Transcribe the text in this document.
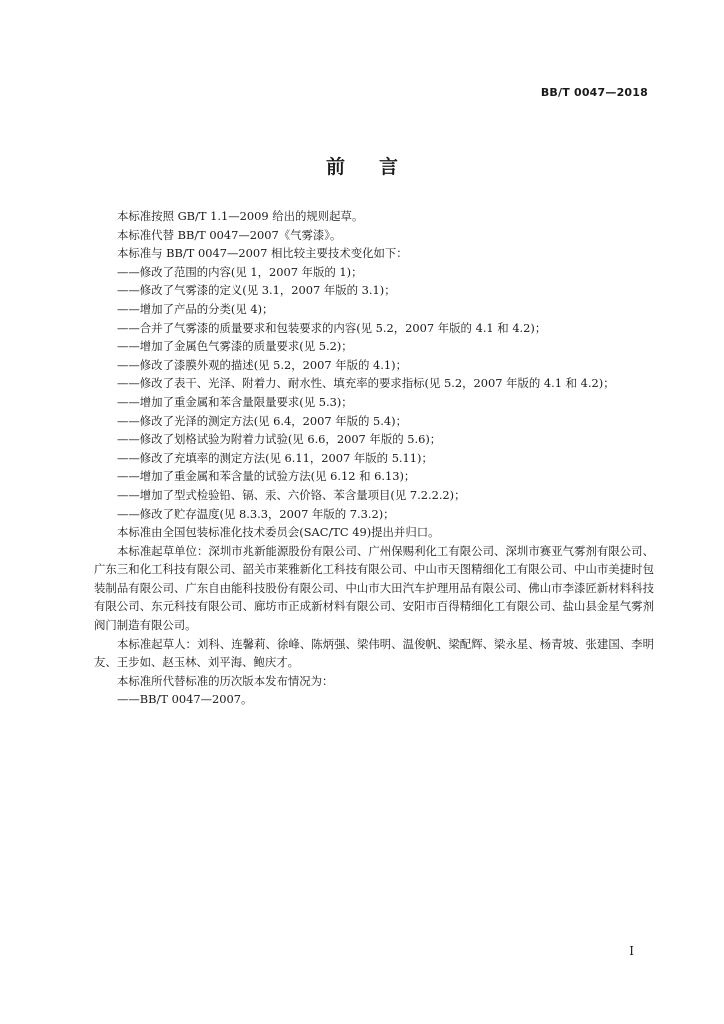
BB/T 0047—2018
前言

本标准按照 GB/T 1.1—2009 给出的规则起草。

本标准代替 BB/T 0047—2007《气雾漆》。

本标准与 BB/T 0047—2007 相比较主要技术变化如下：

——修改了范围的内容(见 1，2007 年版的 1)；

——修改了气雾漆的定义(见 3.1，2007 年版的 3.1)；

——增加了产品的分类(见 4)；

——合并了气雾漆的质量要求和包装要求的内容(见 5.2，2007 年版的 4.1 和 4.2)；

——增加了金属色气雾漆的质量要求(见 5.2)；

——修改了漆膜外观的描述(见 5.2，2007 年版的 4.1)；

——修改了表干、光泽、附着力、耐水性、填充率的要求指标(见 5.2，2007 年版的 4.1 和 4.2)；

——增加了重金属和苯含量限量要求(见 5.3)；

——修改了光泽的测定方法(见 6.4，2007 年版的 5.4)；

——修改了划格试验为附着力试验(见 6.6，2007 年版的 5.6)；

——修改了充填率的测定方法(见 6.11，2007 年版的 5.11)；

——增加了重金属和苯含量的试验方法(见 6.12 和 6.13)；

——增加了型式检验铅、镉、汞、六价铬、苯含量项目(见 7.2.2.2)；

——修改了贮存温度(见 8.3.3，2007 年版的 7.3.2)；

本标准由全国包装标准化技术委员会(SAC/TC 49)提出并归口。

本标准起草单位：深圳市兆新能源股份有限公司、广州保赐利化工有限公司、深圳市赛亚气雾剂有限公司、广东三和化工科技有限公司、韶关市莱雅新化工科技有限公司、中山市天图精细化工有限公司、中山市美捷时包装制品有限公司、广东自由能科技股份有限公司、中山市大田汽车护理用品有限公司、佛山市李漆匠新材料科技有限公司、东元科技有限公司、廊坊市正成新材料有限公司、安阳市百得精细化工有限公司、盐山县金星气雾剂阀门制造有限公司。

本标准起草人：刘科、连馨莉、徐峰、陈炳强、梁伟明、温俊帆、梁配辉、梁永星、杨青坡、张建国、李明友、王步如、赵玉林、刘平海、鲍庆才。

本标准所代替标准的历次版本发布情况为：

——BB/T 0047—2007。

I
